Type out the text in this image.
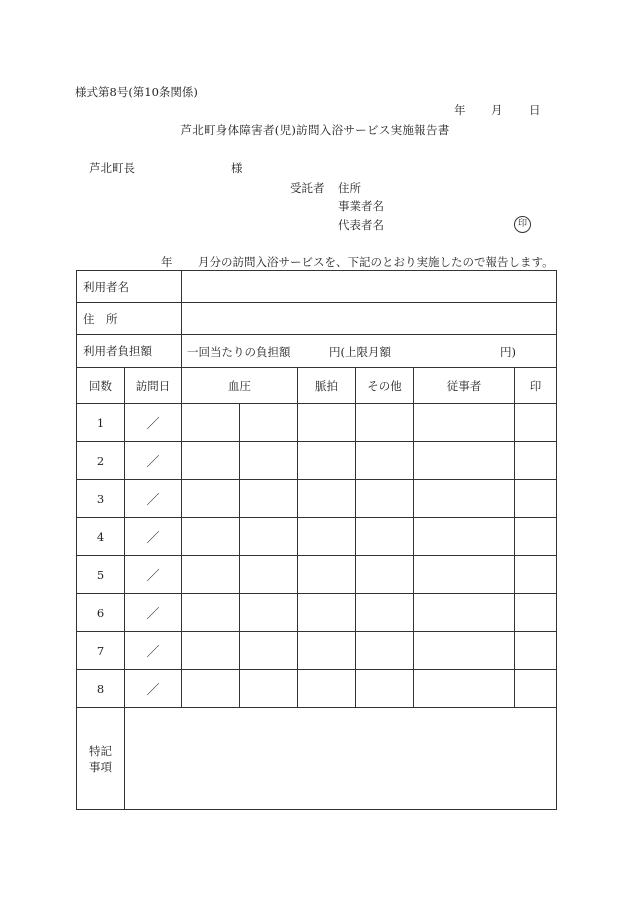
様式第8号(第10条関係)
年 月 日
芦北町身体障害者(児)訪問入浴サービス実施報告書
芦北町長	様
受託者 住所
事業者名
代表者名	印
年 月分の訪問入浴サービスを、下記のとおり実施したので報告します。
利用者名							
住　所							
利用者負担額		一回当たりの負担額 円(上限月額 円)					

回数	訪問日	血圧		脈拍	その他	従事者	印
1	／						
2	／						
3	／						
4	／						
5	／						
6	／						
7	／						
8	／						

特記
事項							
